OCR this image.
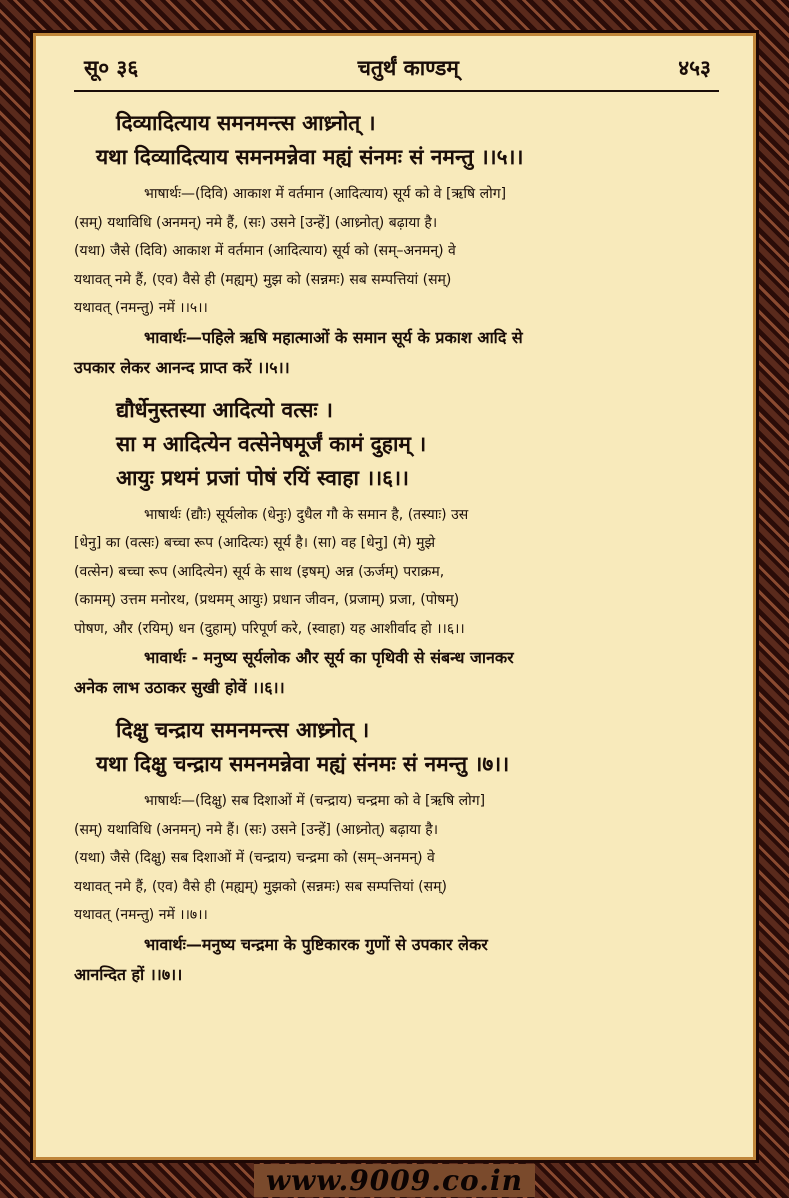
सू० ३६	चतुर्थं काण्डम्	४५३

दिव्यादित्याय समनमन्त्स आध्र्नोत् ।

यथा दिव्यादित्याय समनमन्नेवा मह्यं संनमः सं नमन्तु ।।५।।

भाषार्थः—(दिवि) आकाश में वर्तमान (आदित्याय) सूर्य को वे [ऋषि लोग]
(सम्) यथाविधि (अनमन्) नमे हैं, (सः) उसने [उन्हें] (आध्र्नोत्) बढ़ाया है।
(यथा) जैसे (दिवि) आकाश में वर्तमान (आदित्याय) सूर्य को (सम्–अनमन्) वे
यथावत् नमे हैं, (एव) वैसे ही (मह्यम्) मुझ को (सन्नमः) सब सम्पत्तियां (सम्)
यथावत् (नमन्तु) नमें ।।५।।
भावार्थः—पहिले ऋषि महात्माओं के समान सूर्य के प्रकाश आदि से
उपकार लेकर आनन्द प्राप्त करें ।।५।।

द्यौर्धेनुस्तस्या आदित्यो वत्सः ।

सा म आदित्येन वत्सेनेषमूर्जं कामं दुहाम् ।

आयुः प्रथमं प्रजां पोषं रयिं स्वाहा ।।६।।

भाषार्थः (द्यौः) सूर्यलोक (धेनुः) दुधैल गौ के समान है, (तस्याः) उस
[धेनु] का (वत्सः) बच्चा रूप (आदित्यः) सूर्य है। (सा) वह [धेनु] (मे) मुझे
(वत्सेन) बच्चा रूप (आदित्येन) सूर्य के साथ (इषम्) अन्न (ऊर्जम्) पराक्रम,
(कामम्) उत्तम मनोरथ, (प्रथमम् आयुः) प्रधान जीवन, (प्रजाम्) प्रजा, (पोषम्)
पोषण, और (रयिम्) धन (दुहाम्) परिपूर्ण करे, (स्वाहा) यह आशीर्वाद हो ।।६।।
भावार्थः - मनुष्य सूर्यलोक और सूर्य का पृथिवी से संबन्ध जानकर
अनेक लाभ उठाकर सुखी होवें ।।६।।

दिक्षु चन्द्राय समनमन्त्स आध्र्नोत् ।

यथा दिक्षु चन्द्राय समनमन्नेवा मह्यं संनमः सं नमन्तु ।७।।

भाषार्थः—(दिक्षु) सब दिशाओं में (चन्द्राय) चन्द्रमा को वे [ऋषि लोग]
(सम्) यथाविधि (अनमन्) नमे हैं। (सः) उसने [उन्हें] (आध्र्नोत्) बढ़ाया है।
(यथा) जैसे (दिक्षु) सब दिशाओं में (चन्द्राय) चन्द्रमा को (सम्–अनमन्) वे
यथावत् नमे हैं, (एव) वैसे ही (मह्यम्) मुझको (सन्नमः) सब सम्पत्तियां (सम्)
यथावत् (नमन्तु) नमें ।।७।।
भावार्थः—मनुष्य चन्द्रमा के पुष्टिकारक गुणों से उपकार लेकर
आनन्दित हों ।।७।।
www.9009.co.in
